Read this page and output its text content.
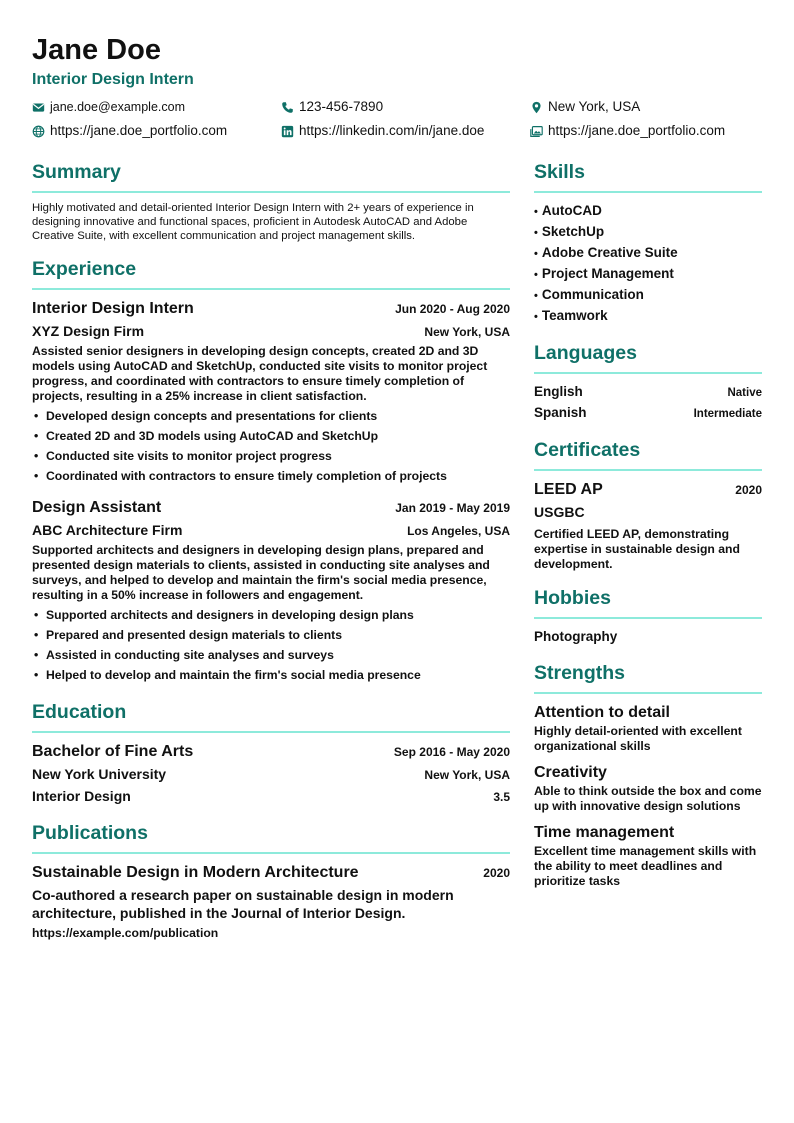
Jane Doe
Interior Design Intern
jane.doe@example.com	123-456-7890	New York, USA
https://jane.doe_portfolio.com	https://linkedin.com/in/jane.doe	https://jane.doe_portfolio.com
Summary
Highly motivated and detail-oriented Interior Design Intern with 2+ years of experience in designing innovative and functional spaces, proficient in Autodesk AutoCAD and Adobe Creative Suite, with excellent communication and project management skills.
Experience
Interior Design Intern	Jun 2020 - Aug 2020
XYZ Design Firm	New York, USA
Assisted senior designers in developing design concepts, created 2D and 3D models using AutoCAD and SketchUp, conducted site visits to monitor project progress, and coordinated with contractors to ensure timely completion of projects, resulting in a 25% increase in client satisfaction.
• Developed design concepts and presentations for clients
• Created 2D and 3D models using AutoCAD and SketchUp
• Conducted site visits to monitor project progress
• Coordinated with contractors to ensure timely completion of projects
Design Assistant	Jan 2019 - May 2019
ABC Architecture Firm	Los Angeles, USA
Supported architects and designers in developing design plans, prepared and presented design materials to clients, assisted in conducting site analyses and surveys, and helped to develop and maintain the firm's social media presence, resulting in a 50% increase in followers and engagement.
• Supported architects and designers in developing design plans
• Prepared and presented design materials to clients
• Assisted in conducting site analyses and surveys
• Helped to develop and maintain the firm's social media presence
Education
Bachelor of Fine Arts	Sep 2016 - May 2020
New York University	New York, USA
Interior Design	3.5
Publications
Sustainable Design in Modern Architecture	2020
Co-authored a research paper on sustainable design in modern architecture, published in the Journal of Interior Design.
https://example.com/publication
Skills
• AutoCAD
• SketchUp
• Adobe Creative Suite
• Project Management
• Communication
• Teamwork
Languages
English	Native
Spanish	Intermediate
Certificates
LEED AP	2020
USGBC
Certified LEED AP, demonstrating expertise in sustainable design and development.
Hobbies
Photography
Strengths
Attention to detail
Highly detail-oriented with excellent organizational skills
Creativity
Able to think outside the box and come up with innovative design solutions
Time management
Excellent time management skills with the ability to meet deadlines and prioritize tasks
